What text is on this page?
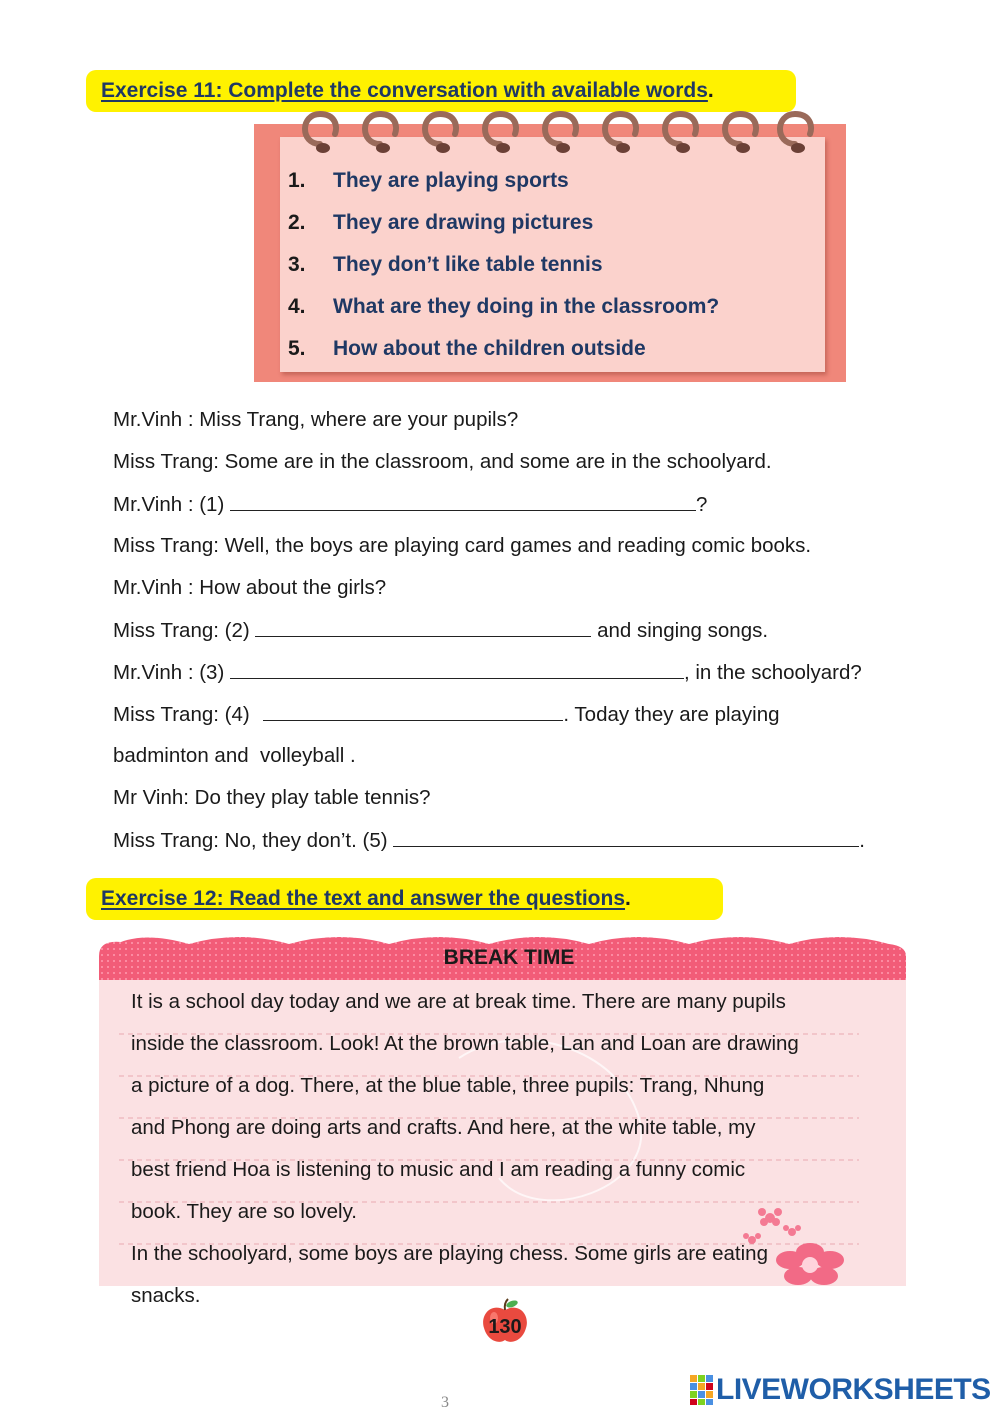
Exercise 11: Complete the conversation with available words .
1.	They are playing sports
2.	They are drawing pictures
3.	They don’t like table tennis
4.	What are they doing in the classroom?
5.	How about the children outside
Mr.Vinh : Miss Trang, where are your pupils?
Miss Trang: Some are in the classroom, and some are in the schoolyard.
Mr.Vinh : (1)	?
Miss Trang: Well, the boys are playing card games and reading comic books.
Mr.Vinh : How about the girls?
Miss Trang: (2)	and singing songs.
Mr.Vinh : (3)	, in the schoolyard?
Miss Trang: (4)	. Today they are playing
badminton and  volleyball .
Mr Vinh: Do they play table tennis?
Miss Trang: No, they don’t. (5)	.
Exercise 12: Read the text and answer the questions .
BREAK TIME
It is a school day today and we are at break time. There are many pupils
inside the classroom. Look! At the brown table, Lan and Loan are drawing
a picture of a dog. There, at the blue table, three pupils: Trang, Nhung
and Phong are doing arts and crafts. And here, at the white table, my
best friend Hoa is listening to music and I am reading a funny comic
book. They are so lovely.
In the schoolyard, some boys are playing chess. Some girls are eating
snacks.
130
3	LIVEWORKSHEETS
